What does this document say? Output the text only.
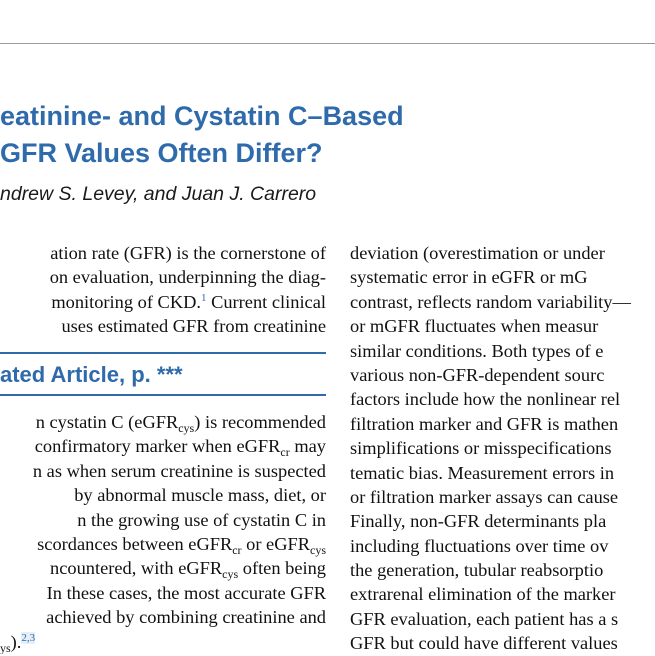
eatinine- and Cystatin C–Based
GFR Values Often Differ?
ndrew S. Levey, and Juan J. Carrero
ation rate (GFR) is the cornerstone of
on evaluation, underpinning the diag-
monitoring of CKD.$^1$ Current clinical
uses estimated GFR from creatinine
ated Article, p. ***
n cystatin C (eGFR$_{cys}$) is recommended
confirmatory marker when eGFR$_{cr}$ may
n as when serum creatinine is suspected
by abnormal muscle mass, diet, or
n the growing use of cystatin C in
scordances between eGFR$_{cr}$ or eGFR$_{cys}$
ncountered, with eGFR$_{cys}$ often being
In these cases, the most accurate GFR
achieved by combining creatinine and
$_{ys}$).$^{2,3}$
deviation (overestimation or under
systematic error in eGFR or mG
contrast, reflects random variability—
or mGFR fluctuates when measur
similar conditions. Both types of e
various non-GFR-dependent sourc
factors include how the nonlinear rel
filtration marker and GFR is mathen
simplifications or misspecifications
tematic bias. Measurement errors in
or filtration marker assays can cause
Finally, non-GFR determinants pla
including fluctuations over time ov
the generation, tubular reabsorptio
extrarenal elimination of the marker
GFR evaluation, each patient has a s
GFR but could have different values
